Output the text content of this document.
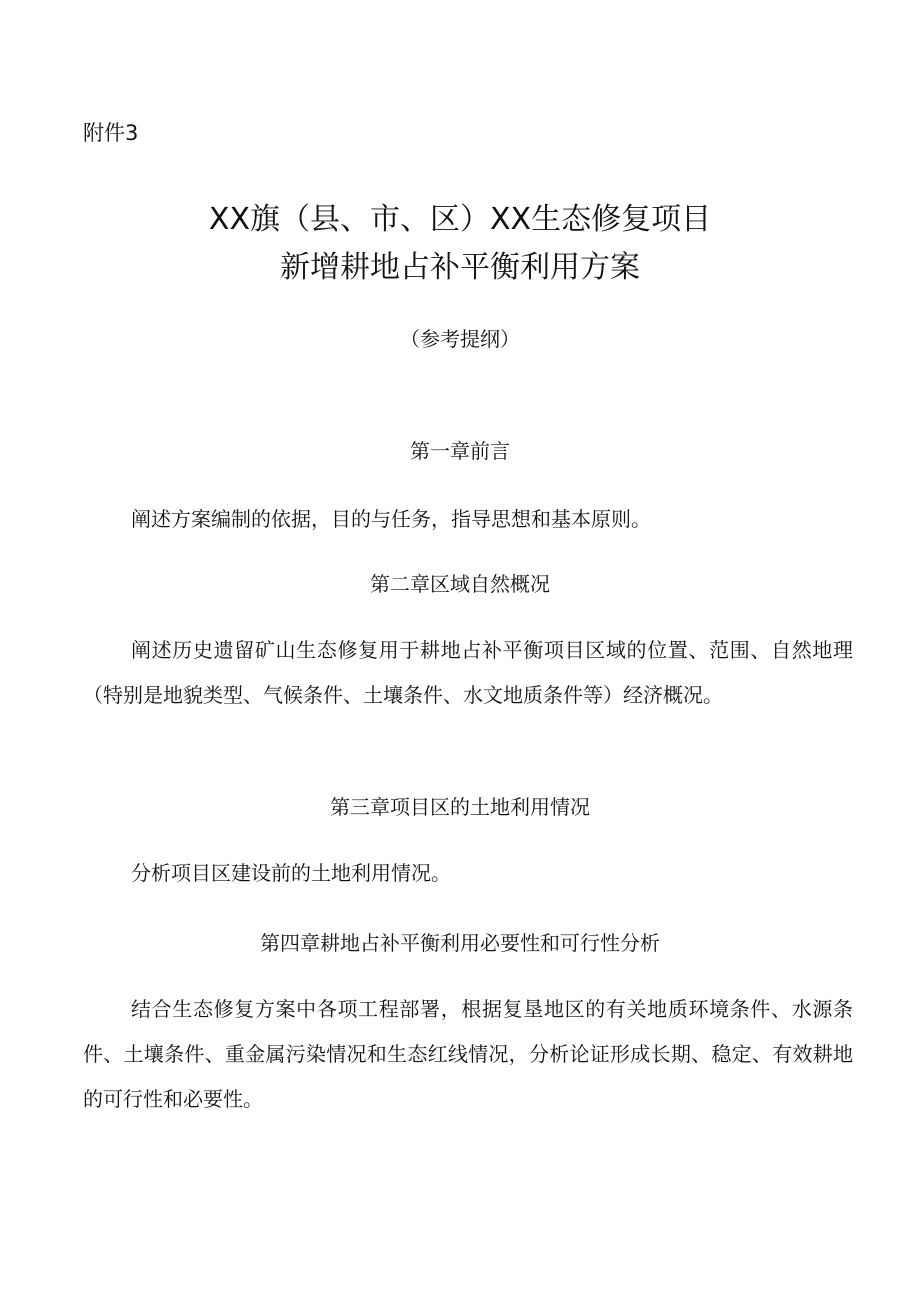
附件3

XX旗（县、市、区）XX生态修复项目
新增耕地占补平衡利用方案

（参考提纲）

第一章前言

阐述方案编制的依据，目的与任务，指导思想和基本原则。

第二章区域自然概况

阐述历史遗留矿山生态修复用于耕地占补平衡项目区域的位置、范围、自然地理（特别是地貌类型、气候条件、土壤条件、水文地质条件等）经济概况。

第三章项目区的土地利用情况

分析项目区建设前的土地利用情况。

第四章耕地占补平衡利用必要性和可行性分析

结合生态修复方案中各项工程部署，根据复垦地区的有关地质环境条件、水源条件、土壤条件、重金属污染情况和生态红线情况，分析论证形成长期、稳定、有效耕地的可行性和必要性。
